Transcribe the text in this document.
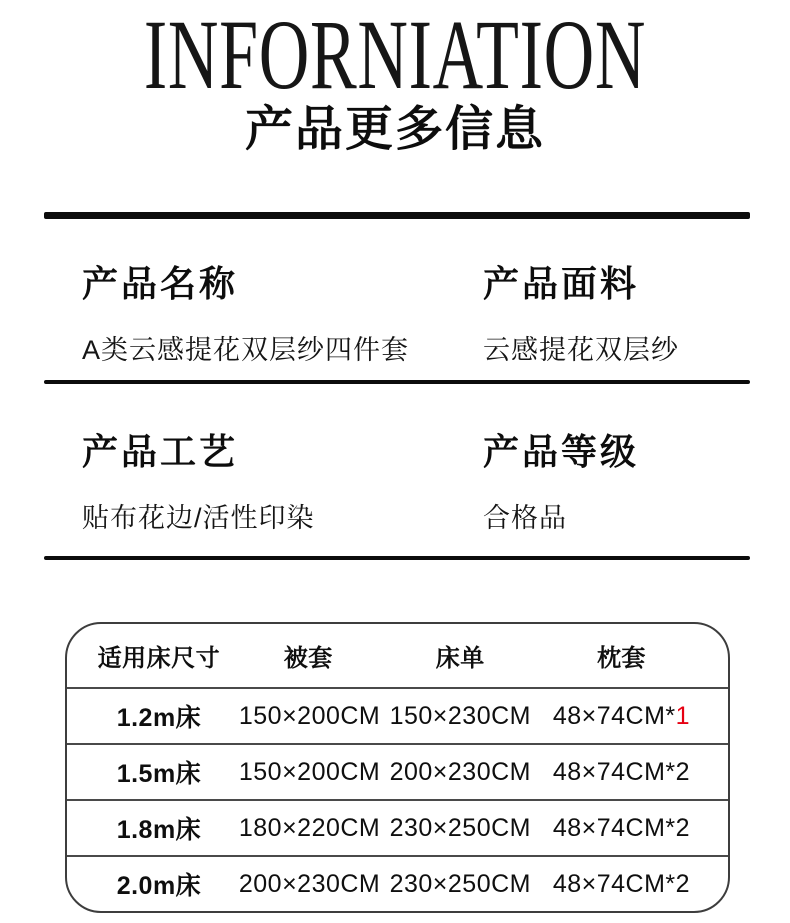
INFORNIATION
产品更多信息
产品名称
A类云感提花双层纱四件套
产品面料
云感提花双层纱
产品工艺
贴布花边/活性印染
产品等级
合格品
适用床尺寸	被套	床单	枕套
1.2m床	150×200CM 150×230CM 48×74CM*1
1.5m床	150×200CM 200×230CM 48×74CM*2
1.8m床	180×220CM 230×250CM 48×74CM*2
2.0m床	200×230CM 230×250CM 48×74CM*2
